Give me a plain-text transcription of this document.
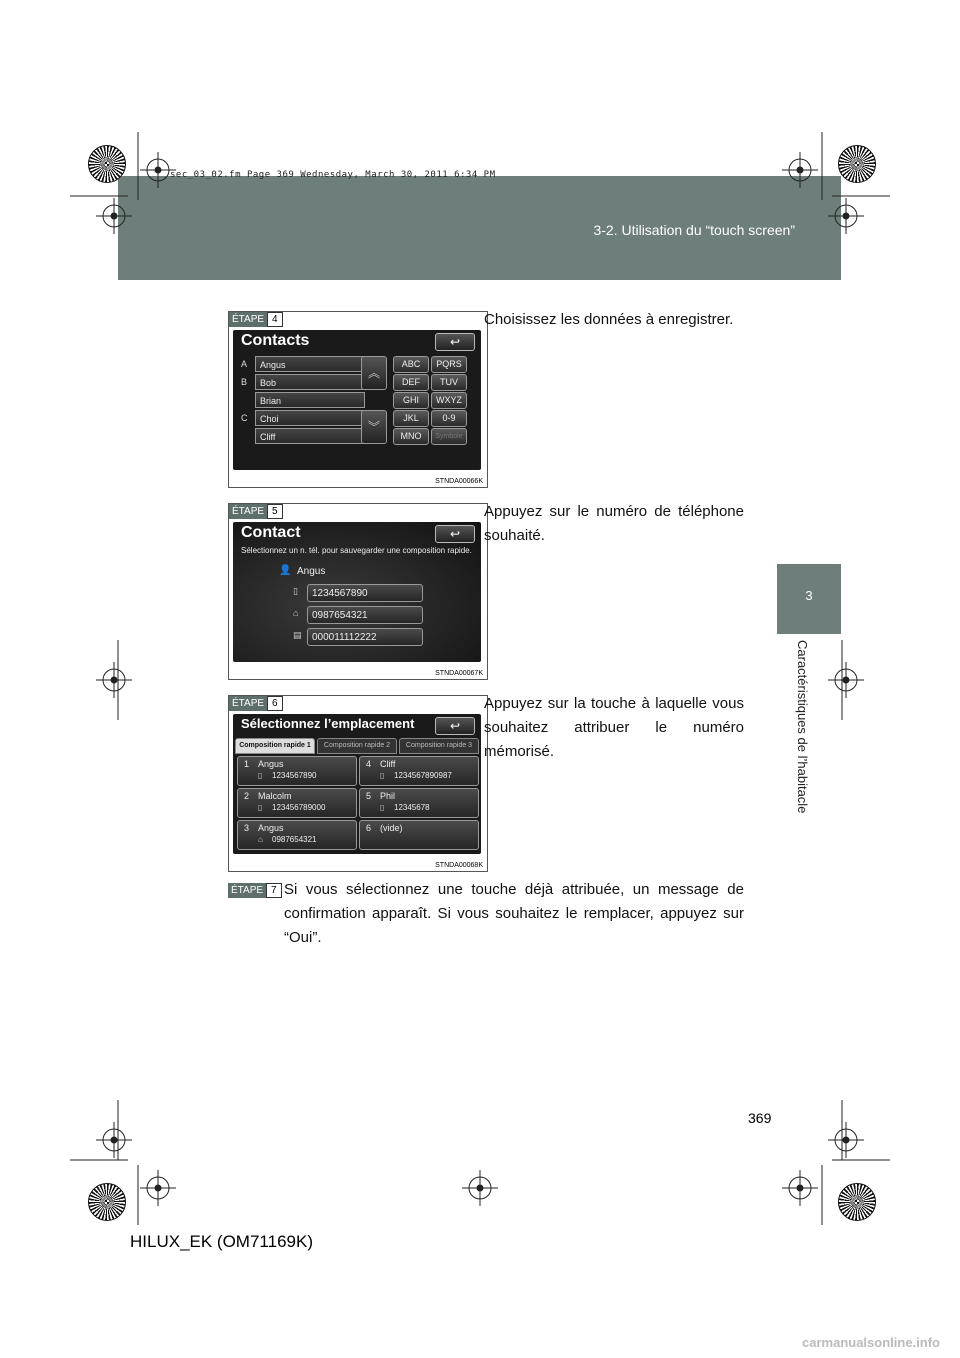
sec_03_02.fm Page 369 Wednesday, March 30, 2011 6:34 PM
3-2. Utilisation du “touch screen”
3
Caractéristiques de l’habitacle
ÉTAPE 4
Contacts	↩
A	Angus
B	Bob
Brian
C	Choi
Cliff
︽
︾
ABC	PQRS
DEF	TUV
GHI	WXYZ
JKL	0-9
MNO	Symbole
STNDA00066K
Choisissez les données à enregistrer.
ÉTAPE 5
Contact	↩
Sélectionnez un n. tél. pour sauvegarder une composition rapide.
👤 Angus
▯	1234567890
⌂	0987654321
▤	000011112222
STNDA00067K
Appuyez sur le numéro de téléphone souhaité.
ÉTAPE 6
Sélectionnez l’emplacement	↩
Composition rapide 1	Composition rapide 2	Composition rapide 3
1 Angus
▯ 1234567890
4 Cliff
▯ 1234567890987
2 Malcolm
▯ 123456789000
5 Phil
▯ 12345678
3 Angus
⌂ 0987654321
6 (vide)
STNDA00068K
Appuyez sur la touche à laquelle vous souhaitez attribuer le numéro mémorisé.
ÉTAPE 7 Si vous sélectionnez une touche déjà attribuée, un message de confirmation apparaît. Si vous souhaitez le remplacer, appuyez sur “Oui”.
369
HILUX_EK (OM71169K)
carmanualsonline.info
